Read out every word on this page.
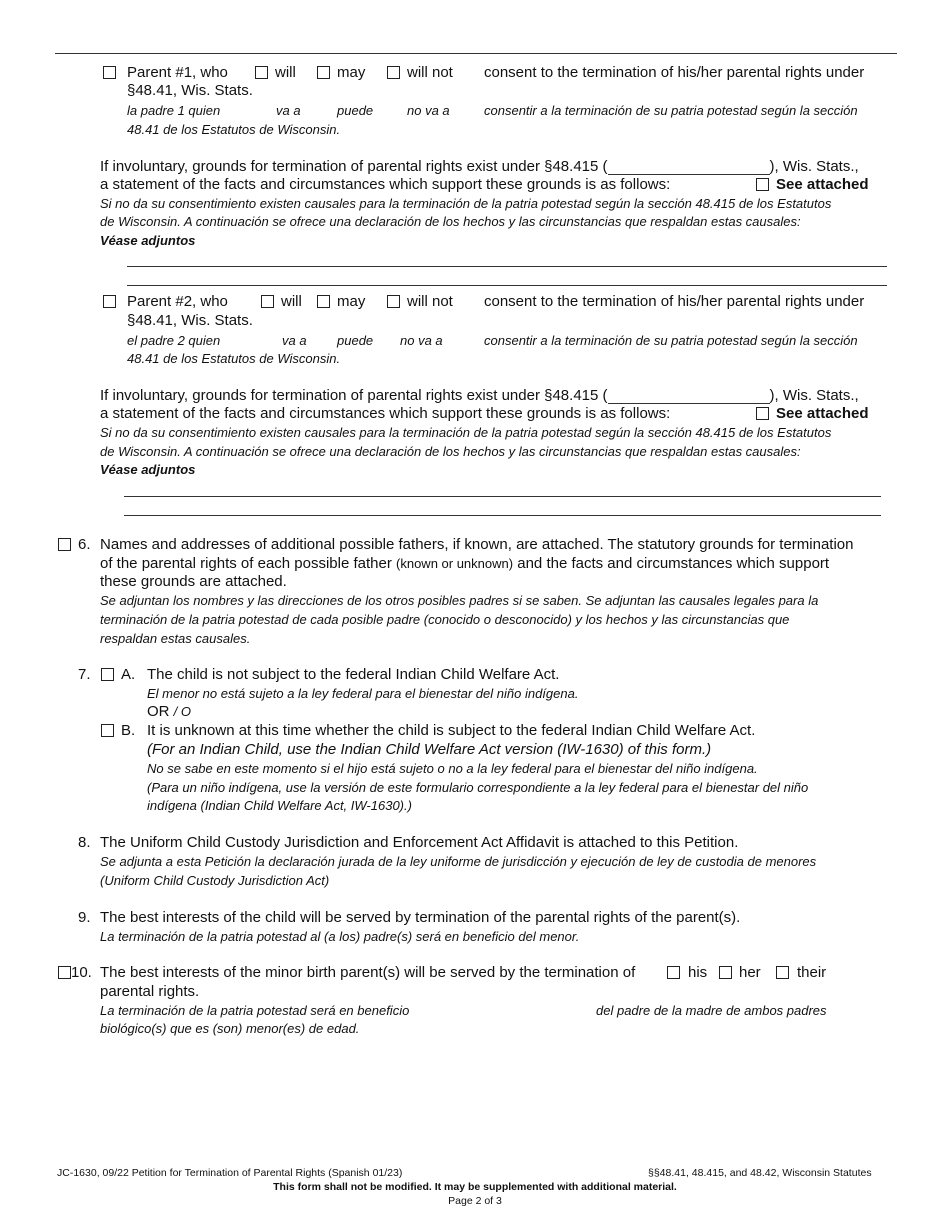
Parent #1, who	will	may	will not consent to the termination of his/her parental rights under
§48.41, Wis. Stats.
la padre 1 quien	va a	puede	no va a	consentir a la terminación de su patria potestad según la sección
48.41 de los Estatutos de Wisconsin.
If involuntary, grounds for termination of parental rights exist under §48.415 (	), Wis. Stats.,
a statement of the facts and circumstances which support these grounds is as follows:	See attached
Si no da su consentimiento existen causales para la terminación de la patria potestad según la sección 48.415 de los Estatutos
de Wisconsin. A continuación se ofrece una declaración de los hechos y las circunstancias que respaldan estas causales:
Véase adjuntos
Parent #2, who	will may	will not consent to the termination of his/her parental rights under
§48.41, Wis. Stats.
el padre 2 quien	va a puede no va a	consentir a la terminación de su patria potestad según la sección
48.41 de los Estatutos de Wisconsin.
If involuntary, grounds for termination of parental rights exist under §48.415 (	), Wis. Stats.,
a statement of the facts and circumstances which support these grounds is as follows:	See attached
Si no da su consentimiento existen causales para la terminación de la patria potestad según la sección 48.415 de los Estatutos
de Wisconsin. A continuación se ofrece una declaración de los hechos y las circunstancias que respaldan estas causales:
Véase adjuntos
6. Names and addresses of additional possible fathers, if known, are attached. The statutory grounds for termination
of the parental rights of each possible father (known or unknown) and the facts and circumstances which support
these grounds are attached.
Se adjuntan los nombres y las direcciones de los otros posibles padres si se saben. Se adjuntan las causales legales para la
terminación de la patria potestad de cada posible padre (conocido o desconocido) y los hechos y las circunstancias que
respaldan estas causales.
7. A. The child is not subject to the federal Indian Child Welfare Act.
El menor no está sujeto a la ley federal para el bienestar del niño indígena.
OR / O
B. It is unknown at this time whether the child is subject to the federal Indian Child Welfare Act.
(For an Indian Child, use the Indian Child Welfare Act version (IW-1630) of this form.)
No se sabe en este momento si el hijo está sujeto o no a la ley federal para el bienestar del niño indígena.
(Para un niño indígena, use la versión de este formulario correspondiente a la ley federal para el bienestar del niño
indígena (Indian Child Welfare Act, IW-1630).)
8. The Uniform Child Custody Jurisdiction and Enforcement Act Affidavit is attached to this Petition.
Se adjunta a esta Petición la declaración jurada de la ley uniforme de jurisdicción y ejecución de ley de custodia de menores
(Uniform Child Custody Jurisdiction Act)
9. The best interests of the child will be served by termination of the parental rights of the parent(s).
La terminación de la patria potestad al (a los) padre(s) será en beneficio del menor.
10. The best interests of the minor birth parent(s) will be served by the termination of	his her their
parental rights.
La terminación de la patria potestad será en beneficio	del padre de la madre de ambos padres
biológico(s) que es (son) menor(es) de edad.
JC-1630, 09/22 Petition for Termination of Parental Rights (Spanish 01/23)	§§48.41, 48.415, and 48.42, Wisconsin Statutes
This form shall not be modified. It may be supplemented with additional material.
Page 2 of 3
